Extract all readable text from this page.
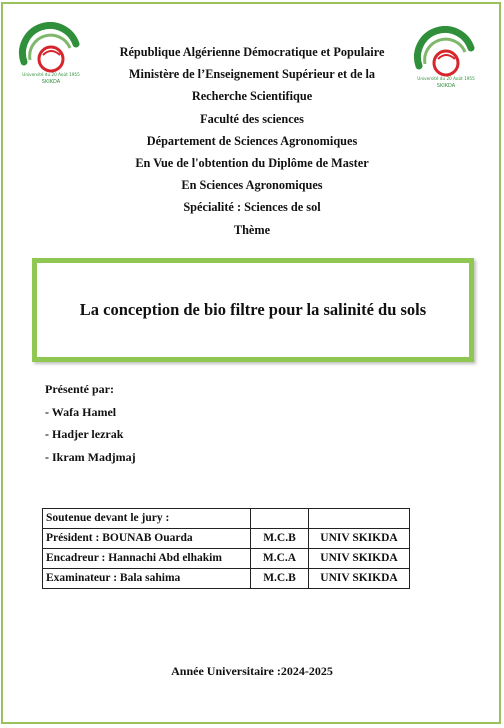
Université du 20 Août 1955
SKIKDA
Université du 20 Août 1955
SKIKDA
République Algérienne Démocratique et Populaire
Ministère de l’Enseignement Supérieur et de la
Recherche Scientifique
Faculté des sciences
Département de Sciences Agronomiques
En Vue de l'obtention du Diplôme de Master
En Sciences Agronomiques
Spécialité : Sciences de sol
Thème
La conception de bio filtre pour la salinité du sols
Présenté par:
- Wafa Hamel
- Hadjer lezrak
- Ikram Madjmaj
Soutenue devant le jury :		
Président : BOUNAB Ouarda	M.C.B	UNIV SKIKDA
Encadreur : Hannachi Abd elhakim	M.C.A	UNIV SKIKDA
Examinateur : Bala sahima	M.C.B	UNIV SKIKDA
Année Universitaire :2024-2025
